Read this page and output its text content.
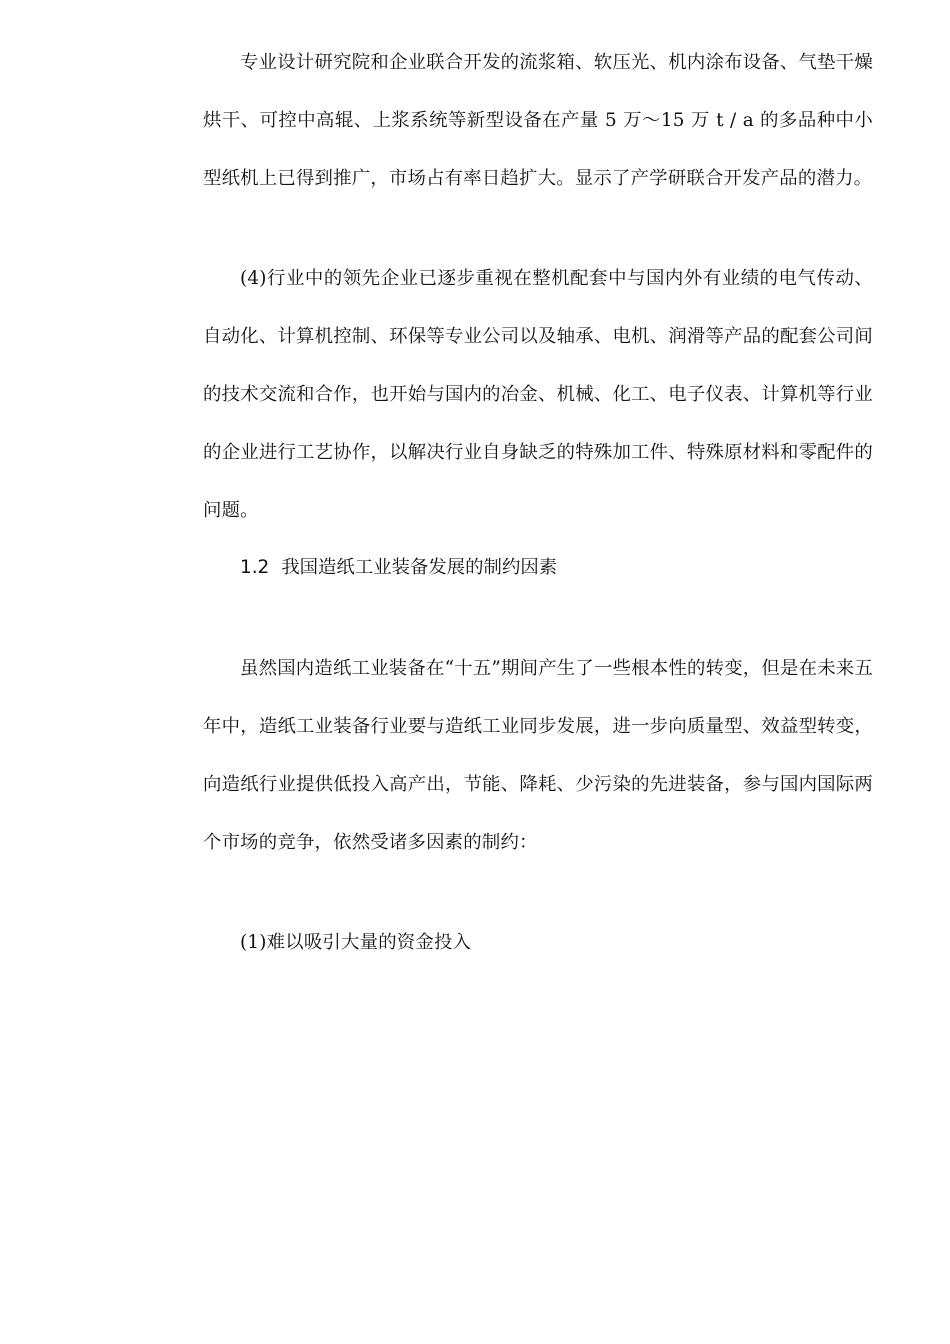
专业设计研究院和企业联合开发的流浆箱、软压光、机内涂布设备、气垫干燥烘干、可控中高辊、上浆系统等新型设备在产量 5 万～15 万 t / a 的多品种中小型纸机上已得到推广，市场占有率日趋扩大。显示了产学研联合开发产品的潜力。

(4)行业中的领先企业已逐步重视在整机配套中与国内外有业绩的电气传动、自动化、计算机控制、环保等专业公司以及轴承、电机、润滑等产品的配套公司间的技术交流和合作，也开始与国内的冶金、机械、化工、电子仪表、计算机等行业的企业进行工艺协作，以解决行业自身缺乏的特殊加工件、特殊原材料和零配件的问题。

1.2 我国造纸工业装备发展的制约因素

虽然国内造纸工业装备在“十五”期间产生了一些根本性的转变，但是在未来五年中，造纸工业装备行业要与造纸工业同步发展，进一步向质量型、效益型转变，向造纸行业提供低投入高产出，节能、降耗、少污染的先进装备，参与国内国际两个市场的竞争，依然受诸多因素的制约：

(1)难以吸引大量的资金投入
